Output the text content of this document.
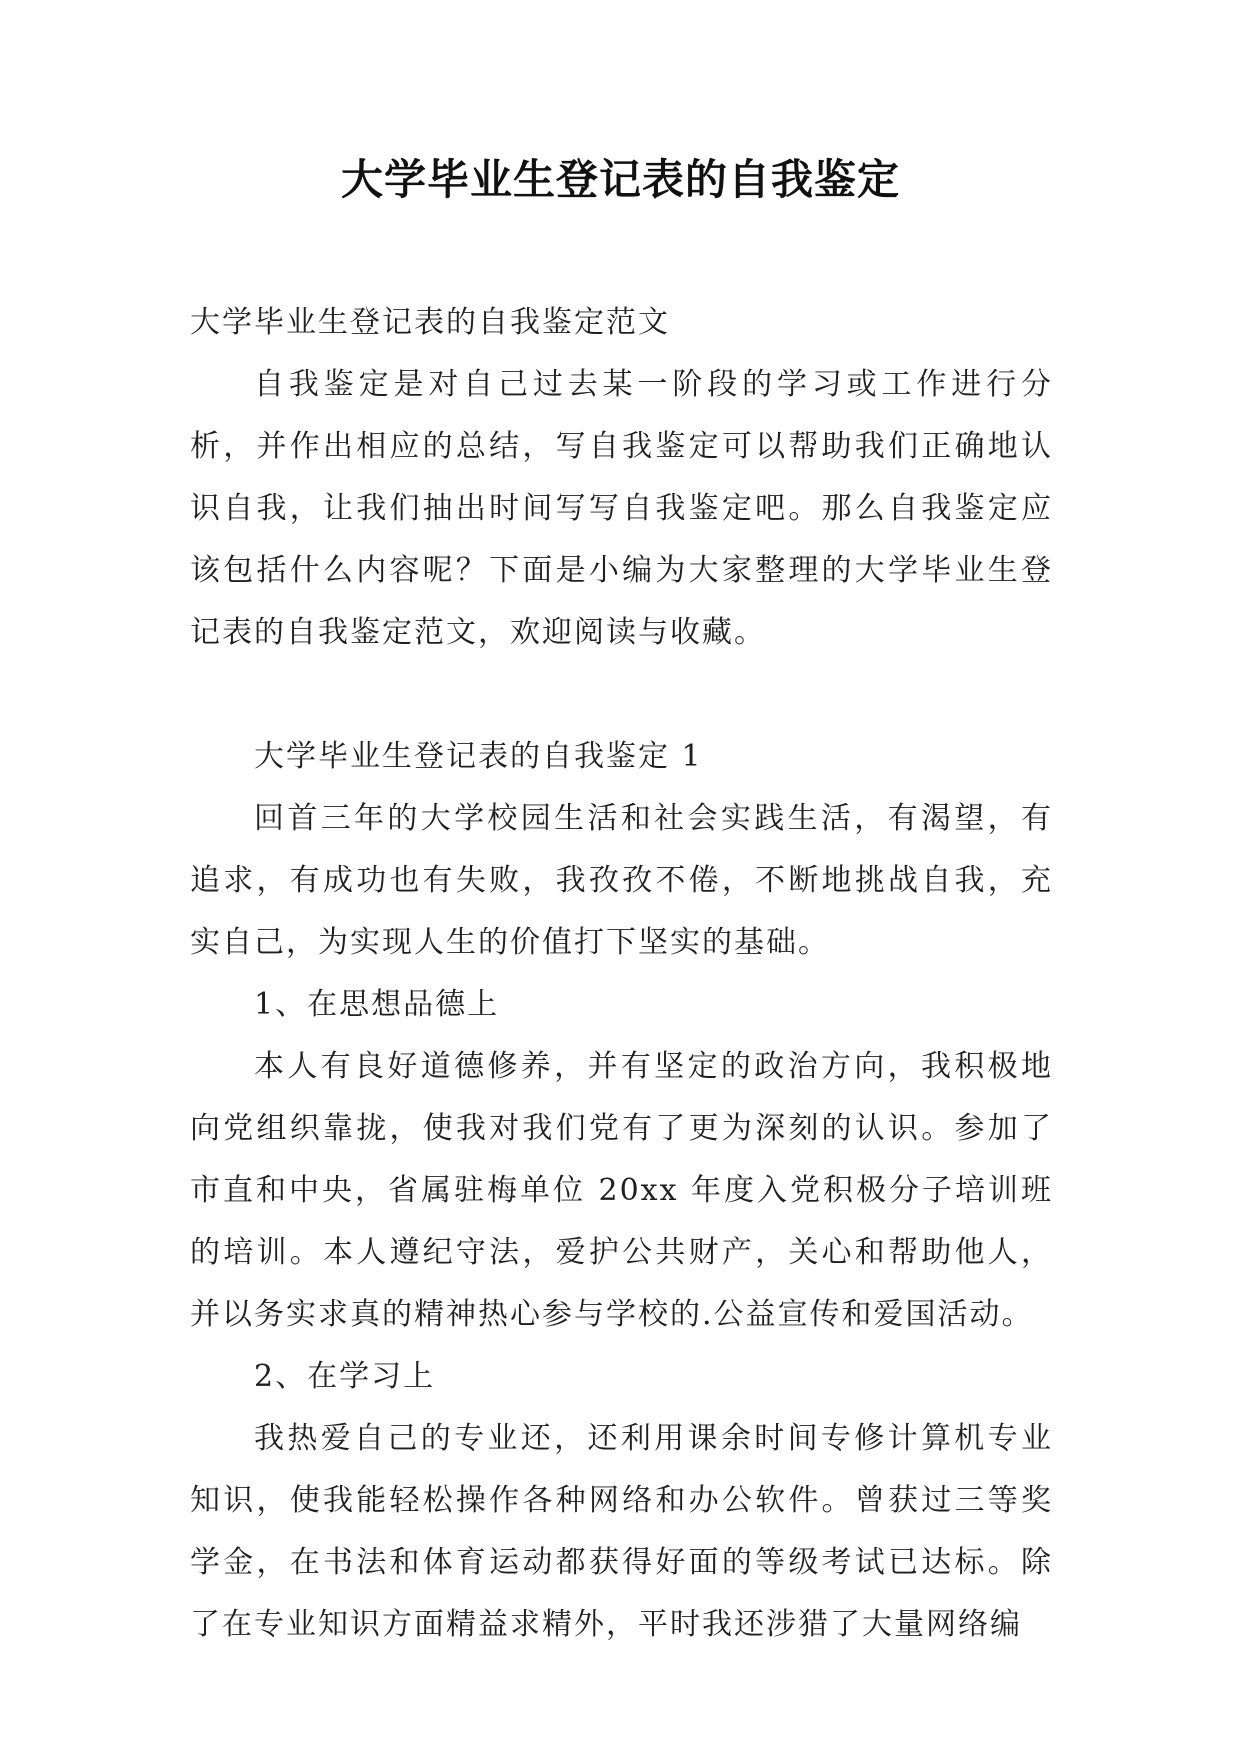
大学毕业生登记表的自我鉴定

大学毕业生登记表的自我鉴定范文

自我鉴定是对自己过去某一阶段的学习或工作进行分析，并作出相应的总结，写自我鉴定可以帮助我们正确地认识自我，让我们抽出时间写写自我鉴定吧。那么自我鉴定应该包括什么内容呢？下面是小编为大家整理的大学毕业生登记表的自我鉴定范文，欢迎阅读与收藏。

大学毕业生登记表的自我鉴定 1

回首三年的大学校园生活和社会实践生活，有渴望，有追求，有成功也有失败，我孜孜不倦，不断地挑战自我，充实自己，为实现人生的价值打下坚实的基础。

1、在思想品德上

本人有良好道德修养，并有坚定的政治方向，我积极地向党组织靠拢，使我对我们党有了更为深刻的认识。参加了市直和中央，省属驻梅单位 20xx 年度入党积极分子培训班的培训。本人遵纪守法，爱护公共财产，关心和帮助他人，并以务实求真的精神热心参与学校的.公益宣传和爱国活动。

2、在学习上

我热爱自己的专业还，还利用课余时间专修计算机专业知识，使我能轻松操作各种网络和办公软件。曾获过三等奖学金，在书法和体育运动都获得好面的等级考试已达标。除了在专业知识方面精益求精外，平时我还涉猎了大量网络编
